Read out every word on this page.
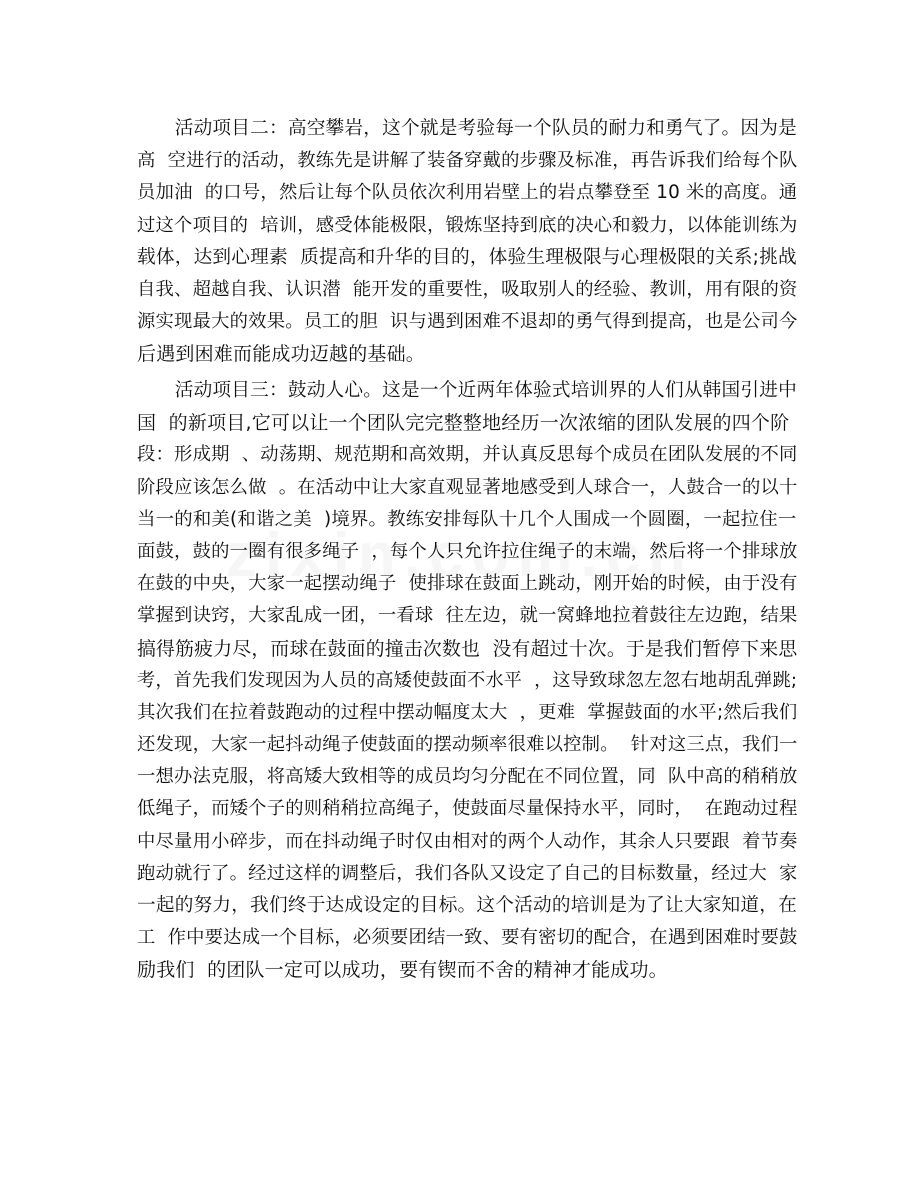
　　活动项目二：高空攀岩，这个就是考验每一个队员的耐力和勇气了。因为是
高  空进行的活动，教练先是讲解了装备穿戴的步骤及标准，再告诉我们给每个队
员加油  的口号，然后让每个队员依次利用岩壁上的岩点攀登至 10 米的高度。通
过这个项目的  培训，感受体能极限，锻炼坚持到底的决心和毅力，以体能训练为
载体，达到心理素  质提高和升华的目的，体验生理极限与心理极限的关系;挑战
自我、超越自我、认识潜  能开发的重要性，吸取别人的经验、教训，用有限的资
源实现最大的效果。员工的胆  识与遇到困难不退却的勇气得到提高，也是公司今
后遇到困难而能成功迈越的基础。
　　活动项目三：鼓动人心。这是一个近两年体验式培训界的人们从韩国引进中
国  的新项目,它可以让一个团队完完整整地经历一次浓缩的团队发展的四个阶
段：形成期  、动荡期、规范期和高效期，并认真反思每个成员在团队发展的不同
阶段应该怎么做  。在活动中让大家直观显著地感受到人球合一，人鼓合一的以十
当一的和美(和谐之美  )境界。教练安排每队十几个人围成一个圆圈，一起拉住一
面鼓，鼓的一圈有很多绳子  ，每个人只允许拉住绳子的末端，然后将一个排球放
在鼓的中央，大家一起摆动绳子  使排球在鼓面上跳动，刚开始的时候，由于没有
掌握到诀窍，大家乱成一团，一看球  往左边，就一窝蜂地拉着鼓往左边跑，结果
搞得筋疲力尽，而球在鼓面的撞击次数也  没有超过十次。于是我们暂停下来思
考，首先我们发现因为人员的高矮使鼓面不水平  ，这导致球忽左忽右地胡乱弹跳;
其次我们在拉着鼓跑动的过程中摆动幅度太大  ，更难  掌握鼓面的水平;然后我们
还发现，大家一起抖动绳子使鼓面的摆动频率很难以控制。  针对这三点，我们一
一想办法克服，将高矮大致相等的成员均匀分配在不同位置，同  队中高的稍稍放
低绳子，而矮个子的则稍稍拉高绳子，使鼓面尽量保持水平，同时，  在跑动过程
中尽量用小碎步，而在抖动绳子时仅由相对的两个人动作，其余人只要跟  着节奏
跑动就行了。经过这样的调整后，我们各队又设定了自己的目标数量，经过大  家
一起的努力，我们终于达成设定的目标。这个活动的培训是为了让大家知道，在
工  作中要达成一个目标，必须要团结一致、要有密切的配合，在遇到困难时要鼓
励我们  的团队一定可以成功，要有锲而不舍的精神才能成功。
